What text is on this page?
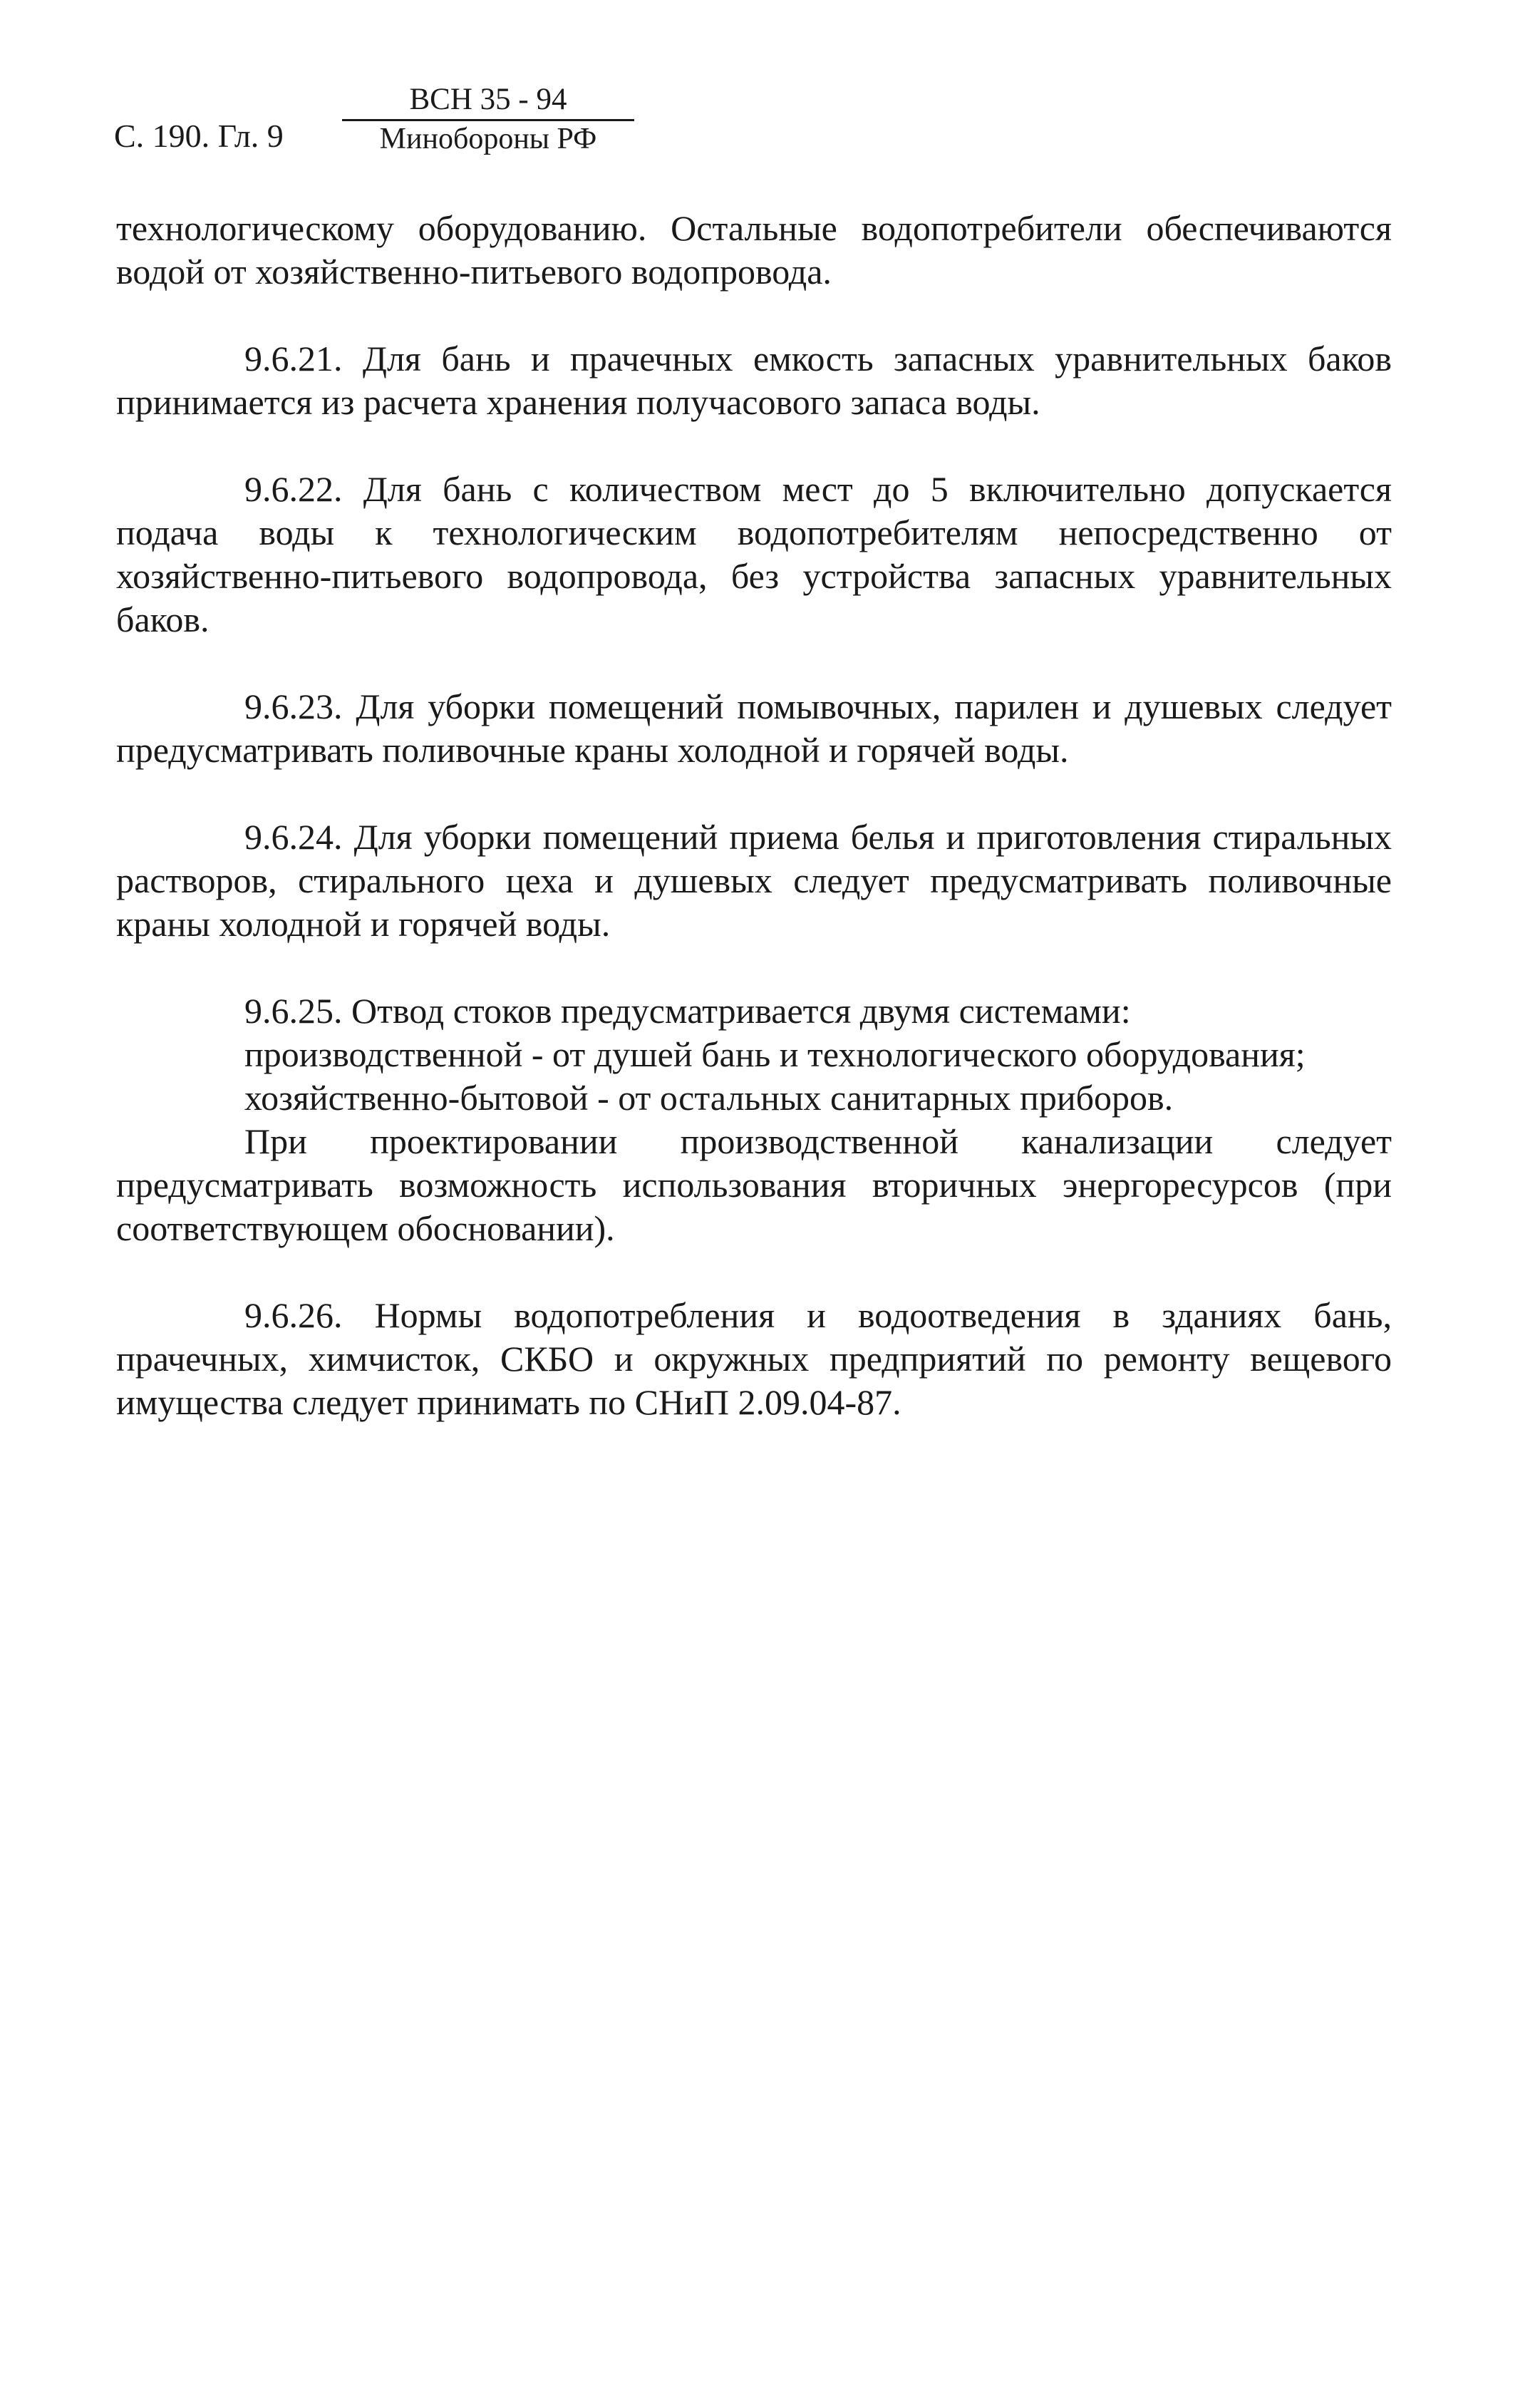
С. 190. Гл. 9
ВСН 35 - 94
Минобороны РФ

технологическому оборудованию. Остальные водопотребители обеспечиваются водой от хозяйственно-питьевого водопровода.

9.6.21. Для бань и прачечных емкость запасных уравнительных баков принимается из расчета хранения получасового запаса воды.

9.6.22. Для бань с количеством мест до 5 включительно допускается подача воды к технологическим водопотребителям непосредственно от хозяйственно-питьевого водопровода, без устройства запасных уравнительных баков.

9.6.23. Для уборки помещений помывочных, парилен и душевых следует предусматривать поливочные краны холодной и горячей воды.

9.6.24. Для уборки помещений приема белья и приготовления стиральных растворов, стирального цеха и душевых следует предусматривать поливочные краны холодной и горячей воды.

9.6.25. Отвод стоков предусматривается двумя системами:

производственной - от душей бань и технологического оборудования;

хозяйственно-бытовой - от остальных санитарных приборов.

При проектировании производственной канализации следует предусматривать возможность использования вторичных энергоресурсов (при соответствующем обосновании).

9.6.26. Нормы водопотребления и водоотведения в зданиях бань, прачечных, химчисток, СКБО и окружных предприятий по ремонту вещевого имущества следует принимать по СНиП 2.09.04-87.
